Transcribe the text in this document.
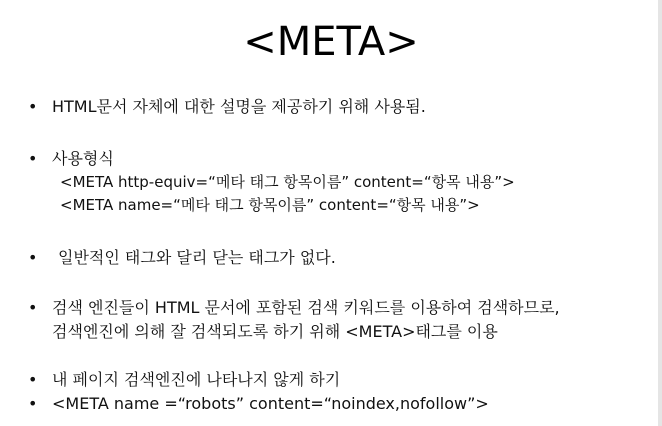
<META>
• HTML문서 자체에 대한 설명을 제공하기 위해 사용됨.
• 사용형식
<META http-equiv=“메타 태그 항목이름” content=“항목 내용”>
<META name=“메타 태그 항목이름” content=“항목 내용”>
• 일반적인 태그와 달리 닫는 태그가 없다.
• 검색 엔진들이 HTML 문서에 포함된 검색 키워드를 이용하여 검색하므로,
검색엔진에 의해 잘 검색되도록 하기 위해 <META>태그를 이용
• 내 페이지 검색엔진에 나타나지 않게 하기
• <META name =“robots” content=“noindex,nofollow”>
